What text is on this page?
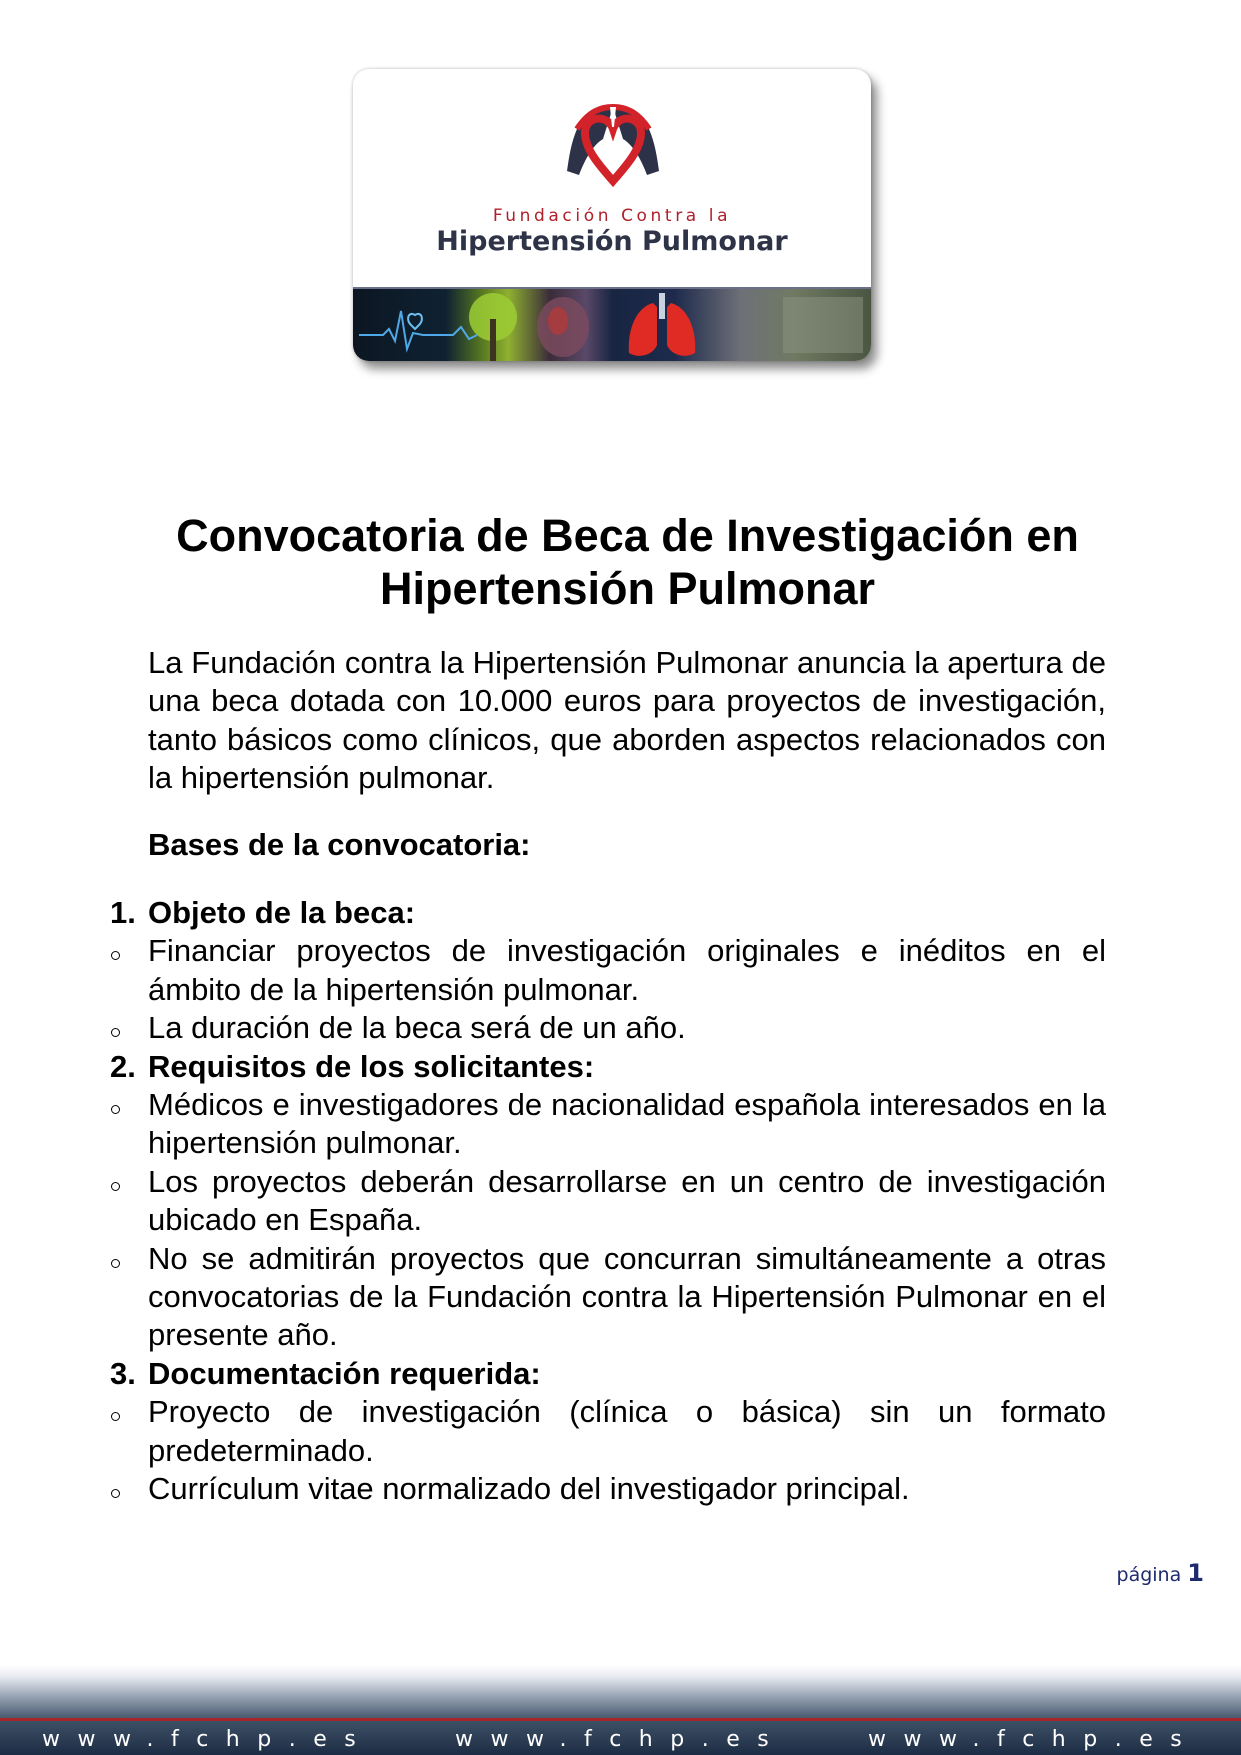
Fundación Contra la
Hipertensión Pulmonar
Convocatoria de Beca de Investigación en
Hipertensión Pulmonar

La Fundación contra la Hipertensión Pulmonar anuncia la apertura de una beca dotada con 10.000 euros para proyectos de investigación, tanto básicos como clínicos, que aborden aspectos relacionados con la hipertensión pulmonar.

Bases de la convocatoria:

1. Objeto de la beca:
Financiar proyectos de investigación originales e inéditos en el ámbito de la hipertensión pulmonar.
La duración de la beca será de un año.
2. Requisitos de los solicitantes:
Médicos e investigadores de nacionalidad española interesados en la hipertensión pulmonar.
Los proyectos deberán desarrollarse en un centro de investigación ubicado en España.
No se admitirán proyectos que concurran simultáneamente a otras convocatorias de la Fundación contra la Hipertensión Pulmonar en el presente año.
3. Documentación requerida:
Proyecto de investigación (clínica o básica) sin un formato predeterminado.
Currículum vitae normalizado del investigador principal.
página 1
www.fchp.es	www.fchp.es	www.fchp.es
